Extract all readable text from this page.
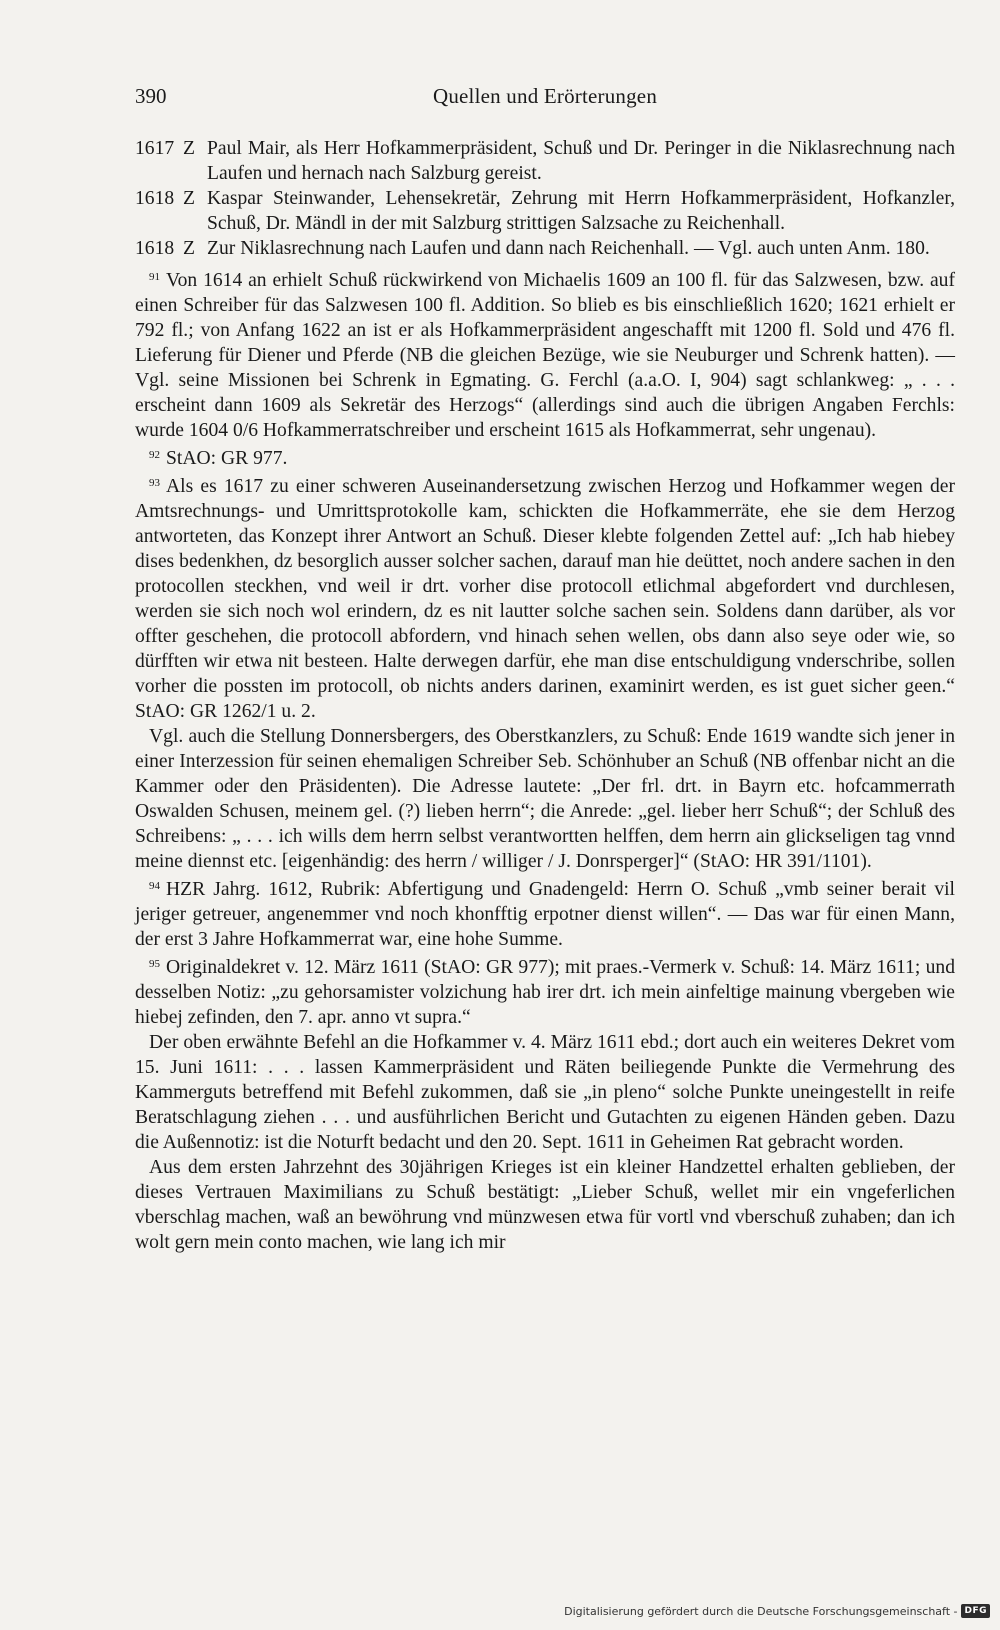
390	Quellen und Erörterungen
1617 Z Paul Mair, als Herr Hofkammerpräsident, Schuß und Dr. Peringer in die Niklasrechnung nach Laufen und hernach nach Salzburg gereist.
1618 Z Kaspar Steinwander, Lehensekretär, Zehrung mit Herrn Hofkammerpräsident, Hofkanzler, Schuß, Dr. Mändl in der mit Salzburg strittigen Salzsache zu Reichenhall.
1618 Z Zur Niklasrechnung nach Laufen und dann nach Reichenhall. — Vgl. auch unten Anm. 180.

$^{91}$ Von 1614 an erhielt Schuß rückwirkend von Michaelis 1609 an 100 fl. für das Salzwesen, bzw. auf einen Schreiber für das Salzwesen 100 fl. Addition. So blieb es bis einschließlich 1620; 1621 erhielt er 792 fl.; von Anfang 1622 an ist er als Hofkammerpräsident angeschafft mit 1200 fl. Sold und 476 fl. Lieferung für Diener und Pferde (NB die gleichen Bezüge, wie sie Neuburger und Schrenk hatten). — Vgl. seine Missionen bei Schrenk in Egmating. G. Ferchl (a.a.O. I, 904) sagt schlankweg: „ . . . erscheint dann 1609 als Sekretär des Herzogs“ (allerdings sind auch die übrigen Angaben Ferchls: wurde 1604 0/6 Hofkammerratschreiber und erscheint 1615 als Hofkammerrat, sehr ungenau).

$^{92}$ StAO: GR 977.

$^{93}$ Als es 1617 zu einer schweren Auseinandersetzung zwischen Herzog und Hofkammer wegen der Amtsrechnungs- und Umrittsprotokolle kam, schickten die Hofkammerräte, ehe sie dem Herzog antworteten, das Konzept ihrer Antwort an Schuß. Dieser klebte folgenden Zettel auf: „Ich hab hiebey dises bedenkhen, dz besorglich ausser solcher sachen, darauf man hie deüttet, noch andere sachen in den protocollen steckhen, vnd weil ir drt. vorher dise protocoll etlichmal abgefordert vnd durchlesen, werden sie sich noch wol erindern, dz es nit lautter solche sachen sein. Soldens dann darüber, als vor offter geschehen, die protocoll abfordern, vnd hinach sehen wellen, obs dann also seye oder wie, so dürfften wir etwa nit besteen. Halte derwegen darfür, ehe man dise entschuldigung vnderschribe, sollen vorher die possten im protocoll, ob nichts anders darinen, examinirt werden, es ist guet sicher geen.“ StAO: GR 1262/1 u. 2.

Vgl. auch die Stellung Donnersbergers, des Oberstkanzlers, zu Schuß: Ende 1619 wandte sich jener in einer Interzession für seinen ehemaligen Schreiber Seb. Schönhuber an Schuß (NB offenbar nicht an die Kammer oder den Präsidenten). Die Adresse lautete: „Der frl. drt. in Bayrn etc. hofcammerrath Oswalden Schusen, meinem gel. (?) lieben herrn“; die Anrede: „gel. lieber herr Schuß“; der Schluß des Schreibens: „ . . . ich wills dem herrn selbst verantwortten helffen, dem herrn ain glickseligen tag vnnd meine diennst etc. [eigenhändig: des herrn / williger / J. Donrsperger]“ (StAO: HR 391/1101).

$^{94}$ HZR Jahrg. 1612, Rubrik: Abfertigung und Gnadengeld: Herrn O. Schuß „vmb seiner berait vil jeriger getreuer, angenemmer vnd noch khonfftig erpotner dienst willen“. — Das war für einen Mann, der erst 3 Jahre Hofkammerrat war, eine hohe Summe.

$^{95}$ Originaldekret v. 12. März 1611 (StAO: GR 977); mit praes.-Vermerk v. Schuß: 14. März 1611; und desselben Notiz: „zu gehorsamister volzichung hab irer drt. ich mein ainfeltige mainung vbergeben wie hiebej zefinden, den 7. apr. anno vt supra.“

Der oben erwähnte Befehl an die Hofkammer v. 4. März 1611 ebd.; dort auch ein weiteres Dekret vom 15. Juni 1611: . . . lassen Kammerpräsident und Räten beiliegende Punkte die Vermehrung des Kammerguts betreffend mit Befehl zukommen, daß sie „in pleno“ solche Punkte uneingestellt in reife Beratschlagung ziehen . . . und ausführlichen Bericht und Gutachten zu eigenen Händen geben. Dazu die Außennotiz: ist die Noturft bedacht und den 20. Sept. 1611 in Geheimen Rat gebracht worden.

Aus dem ersten Jahrzehnt des 30jährigen Krieges ist ein kleiner Handzettel erhalten geblieben, der dieses Vertrauen Maximilians zu Schuß bestätigt: „Lieber Schuß, wellet mir ein vngeferlichen vberschlag machen, waß an bewöhrung vnd münzwesen etwa für vortl vnd vberschuß zuhaben; dan ich wolt gern mein conto machen, wie lang ich mir

Digitalisierung gefördert durch die Deutsche Forschungsgemeinschaft - DFG
